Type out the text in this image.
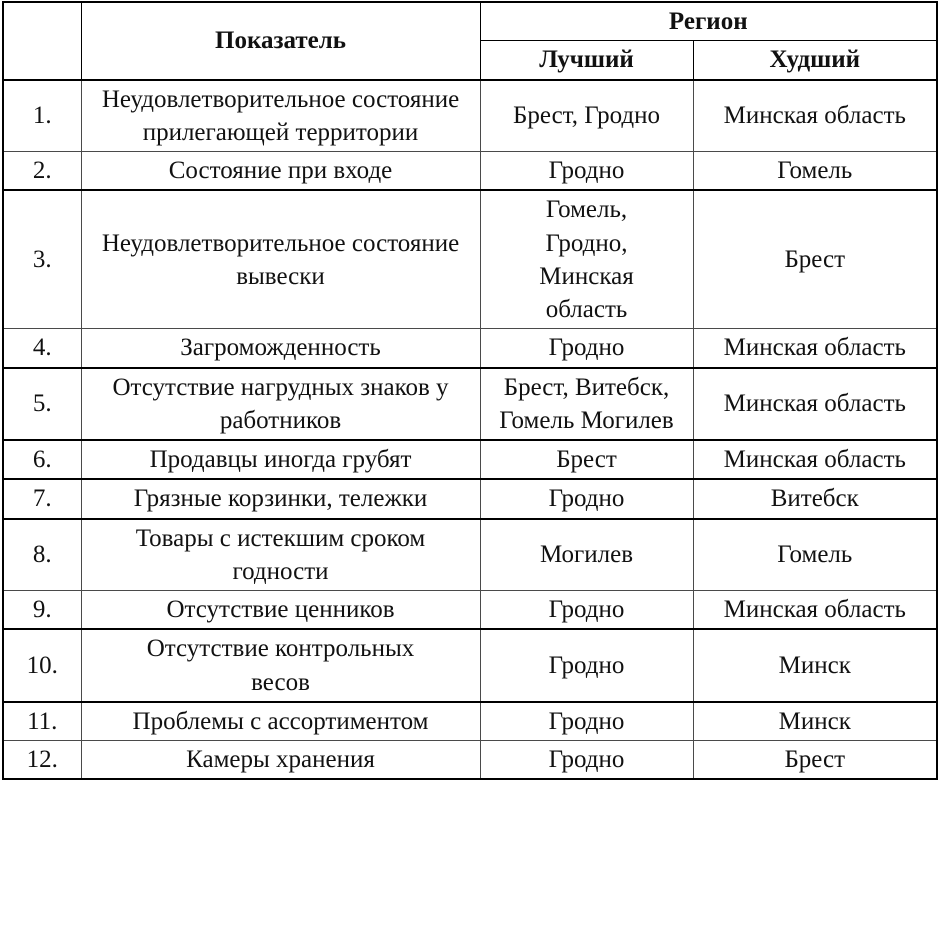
	Показатель	Регион	
		Лучший	Худший
1.	Неудовлетворительное состояние прилегающей территории	Брест, Гродно	Минская область
2.	Состояние при входе	Гродно	Гомель
3.	Неудовлетворительное состояние вывески	Гомель, Гродно, Минская область	Брест
4.	Загроможденность	Гродно	Минская область
5.	Отсутствие нагрудных знаков у работников	Брест, Витебск, Гомель Могилев	Минская область
6.	Продавцы иногда грубят	Брест	Минская область
7.	Грязные корзинки, тележки	Гродно	Витебск
8.	Товары с истекшим сроком годности	Могилев	Гомель
9.	Отсутствие ценников	Гродно	Минская область
10.	Отсутствие контрольных весов	Гродно	Минск
11.	Проблемы с ассортиментом	Гродно	Минск
12.	Камеры хранения	Гродно	Брест
